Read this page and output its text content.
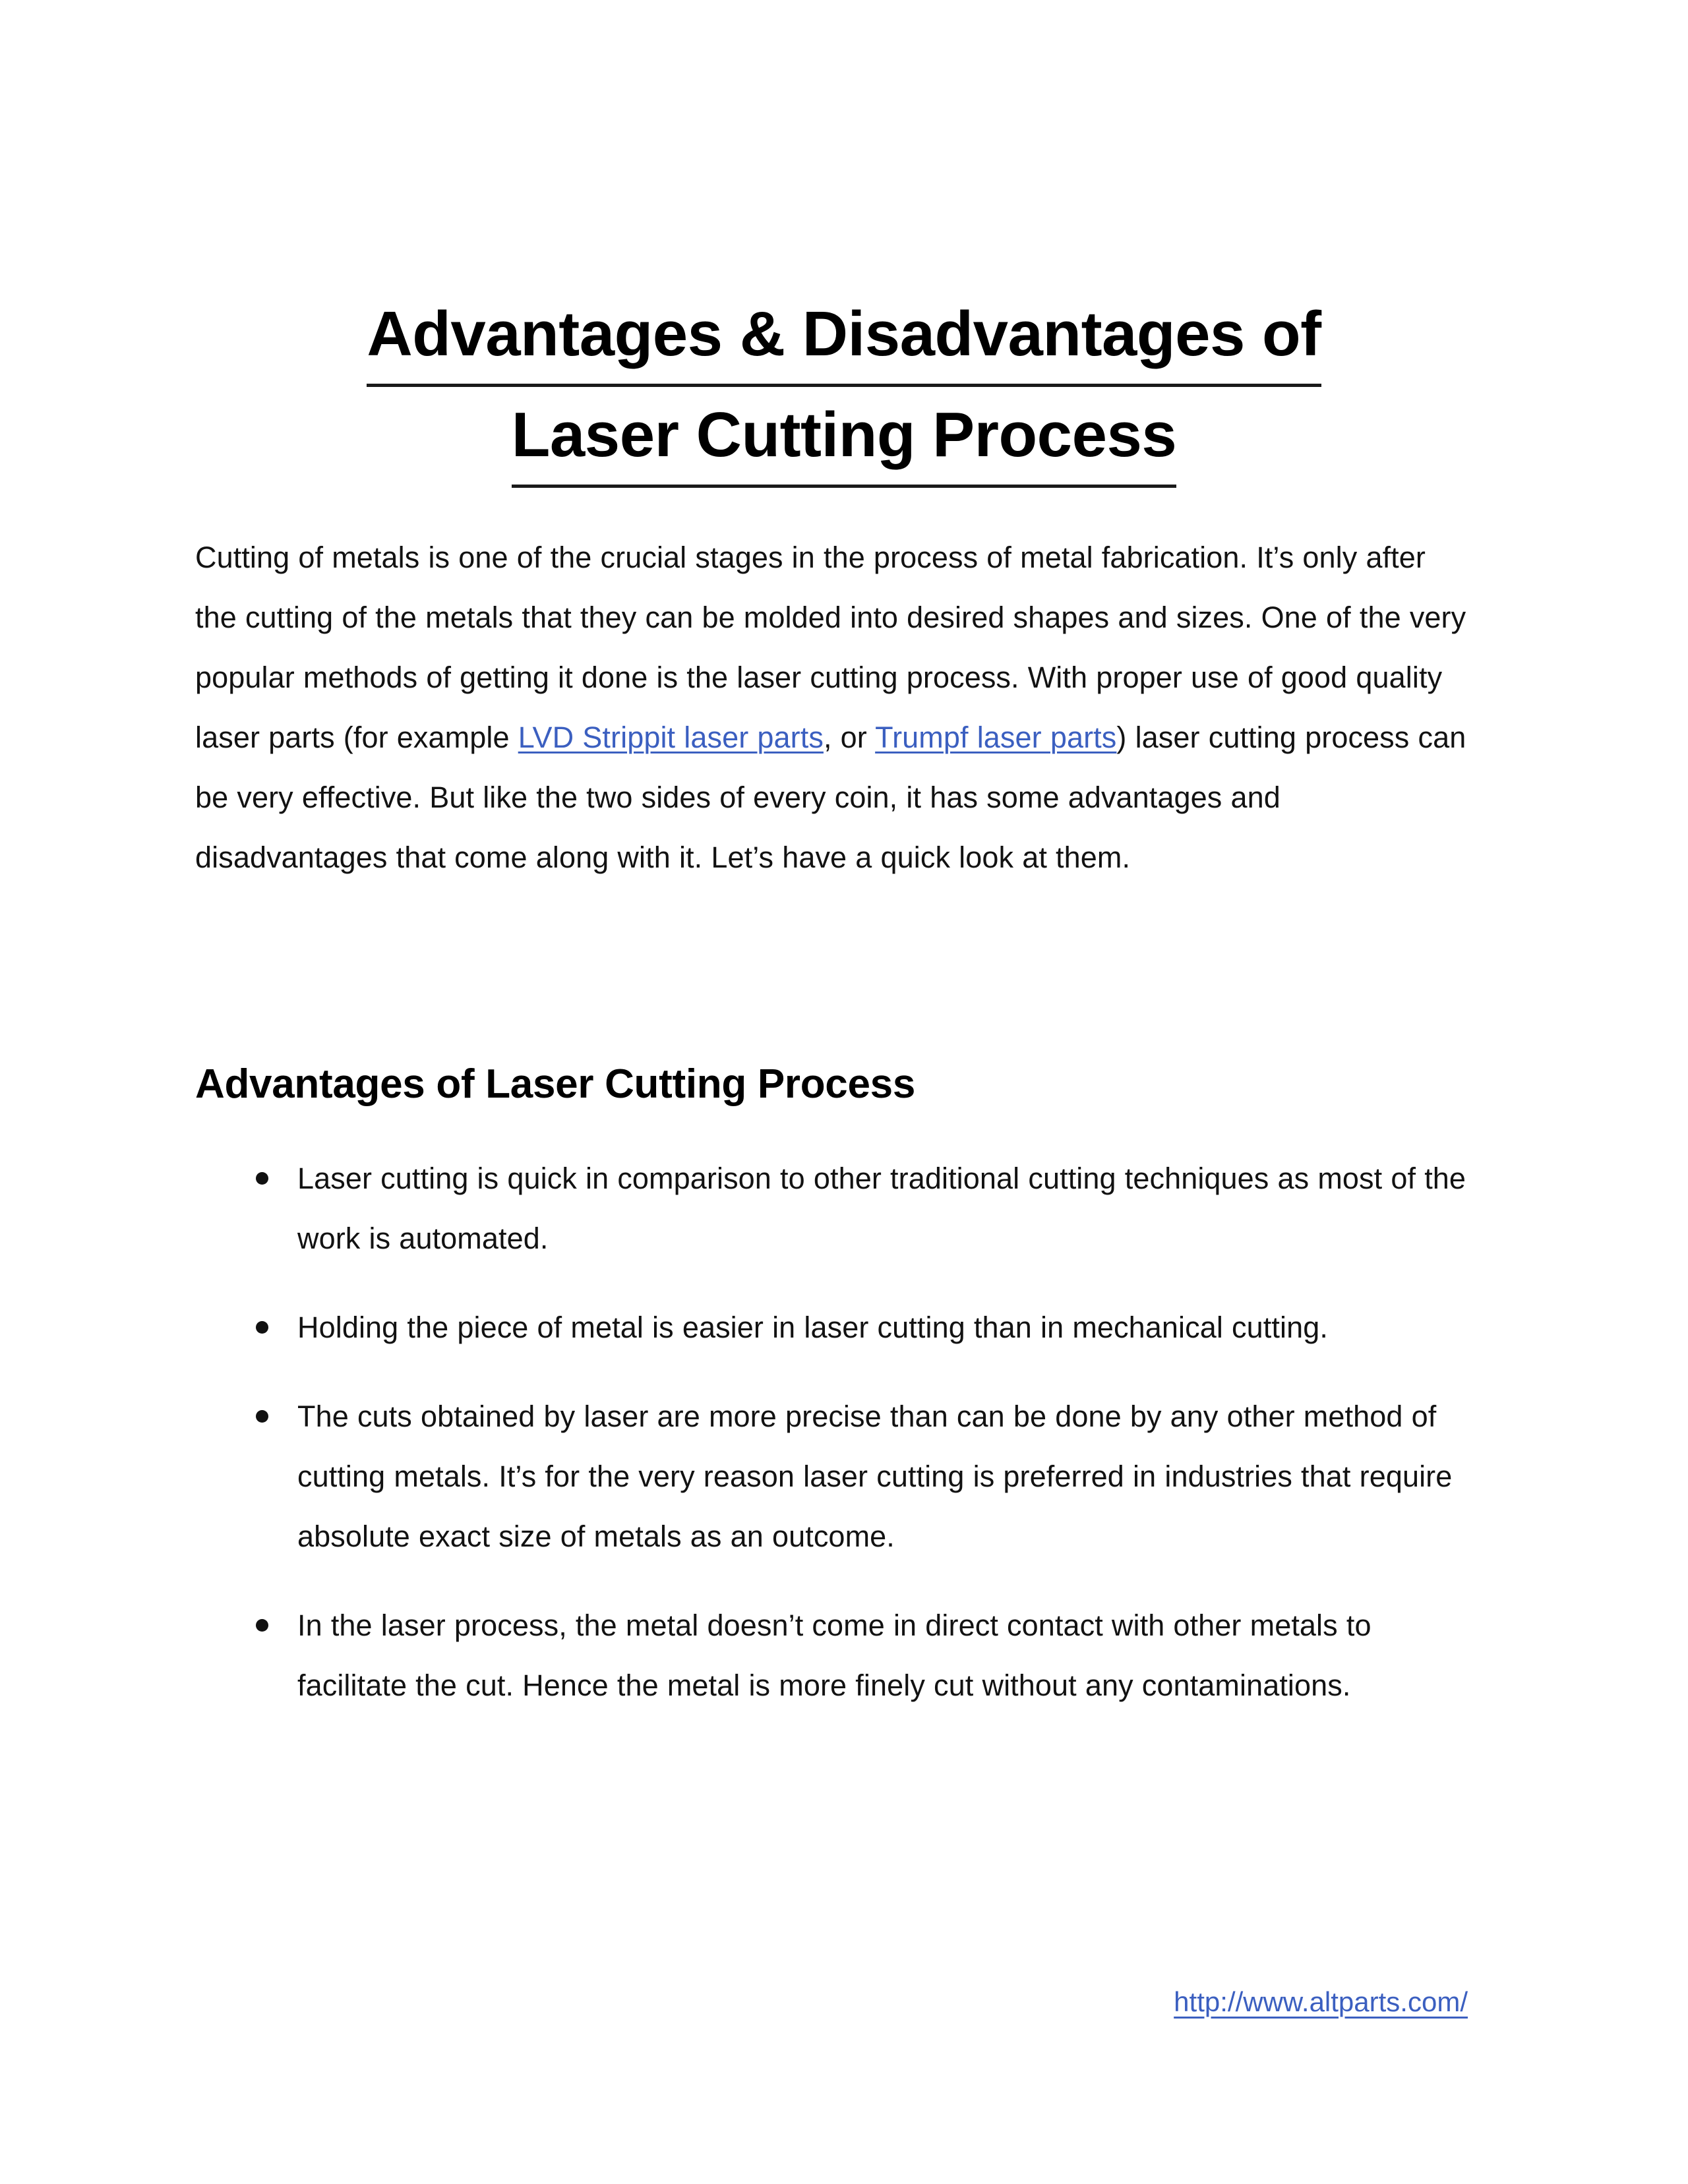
Advantages & Disadvantages of
Laser Cutting Process

Cutting of metals is one of the crucial stages in the process of metal fabrication. It’s only after the cutting of the metals that they can be molded into desired shapes and sizes. One of the very popular methods of getting it done is the laser cutting process. With proper use of good quality laser parts (for example LVD Strippit laser parts, or Trumpf laser parts) laser cutting process can be very effective. But like the two sides of every coin, it has some advantages and disadvantages that come along with it. Let’s have a quick look at them.

Advantages of Laser Cutting Process
Laser cutting is quick in comparison to other traditional cutting techniques as most of the work is automated.
Holding the piece of metal is easier in laser cutting than in mechanical cutting.
The cuts obtained by laser are more precise than can be done by any other method of cutting metals. It’s for the very reason laser cutting is preferred in industries that require absolute exact size of metals as an outcome.
In the laser process, the metal doesn’t come in direct contact with other metals to facilitate the cut. Hence the metal is more finely cut without any contaminations.
http://www.altparts.com/
